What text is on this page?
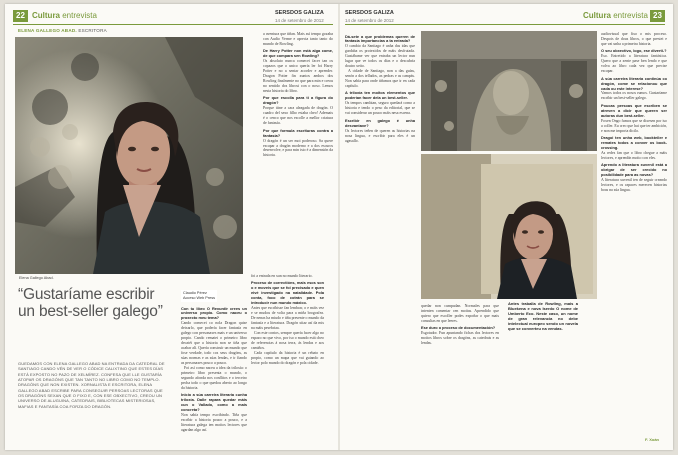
22 Cultura entrevista	SERSDOS GALIZA
14 de setembro de 2012
SERSDOS GALIZA
14 de setembro de 2012
Cultura entrevista 23
ELENA GALLEGO ABAD. ESCRITORA
Elena Gallego Abad.
Claudio Pérez
Acceso Web Press
“Gustaríame escribir un best-seller galego”
GUEDAMOS CON ELENA GALLEGO ABAD NA ENTRADA DA CATEDRAL DE SANTIAGO CANDO VÉN DE VER O CÓDICE CALIXTINO QUE ESTES DÍAS ESTÁ EXPOSTO NO PAZO DE XELMÍREZ. CONFESA QUE LLE GUSTARÍA ATOPAR OS DRAGÓNS QUE TAN TANTO NO LIBRO COMO NO TEMPLO. DRAGÓNS QUE NON EXISTEN. XORNALISTA E ESCRITORA, ELENA GALLEGO ABAD ESCRIBE PARA CONSEGUIR PERSOAS LECTORAS QUE OS DRAGÓNS SEXAN QUE O FIXO E, CON ESE OBXECTIVO, CREOU UN UNIVERSO DE ALUGUINA, CATEDRAIS, BIBLIOTECAS MISTERIOSAS, MAFIAS E FANTASÍA COA FORZA DO DRAGÓN.
Con tu libro O Rexurdir crees un universo propio. Como naceu o proxecto meu tema?
Cando comecei co nola Dragon quise deixarlo, que podería facer fantasía en galego con personaxes mais e un universo propio. Cando rematei o primeiro libro decatéi que a historia non se tiña que acabar alí. Quería construír un mundo que fose verdade, todo cos seus dragóns, as súas normas e as súas lendas, e ir fiando as personaxes pouco a pouco.
Foi así como naceu a idea da triloxía: o primeiro libro presenta o mundo, o segundo afonda nos conflitos e o terceiro pecha todo o que quedou aberto ao longo da historia.
Inicio a súa carreira literaria cunha triloxía. Dalle rapara quedar máis cun o Vallado, como a mais concreta?
Non sabía tempo escribindo. Tiña que escribir a historia pouco a pouco, e a literatura galega ten moitos lectores que agardan algo así.
foi a entrada en xan no mundo literario.
Proceso de correctións, mais esos son o e moveis que se foi precisado e quen eivé investigado na natalidade. Pola conta, foco de cotrán para se introducir nun mundo máxico.
Antes que escribisse fan lembrar, o e máis vez e se mudou de volta para a miña brogosfea. De nenas ha miudo e tiña presente o mundo da fantasía e a literatura. Dragón xiiaz así da mis na máis pesebriaa.
Con este contos, sempre quería facer algo no espazo no que vivo, por iso o mundo está cheo de referencias á nosa terra, ás lendas e aos camiños.
Cada capítulo da historia é un rebato en propio, como un mapa que vai guiando ao lector polo mundo do dragón e pola cidade.
a aventura que tiñan. Mais así tempo gozaba con Audio Verme e aprecia tanto tanto do mundo de Rowling.
De Harry Potter non está alga come, de que compara sen Rowling?
Os absoluto nunca comecei facer tan os copazos que o unico quería ler foi Harry Potter e no a sentar acorder e aprender. Dragon Potter fin xuntos ambos dos Rowling finalmente no que para min e creou no sentido dos librosi con o noso. Lemos nesta historia do libro.
Por que escolla para ti a figura do dragón?
Porque titne a cara aleagada de dragón. O cuadro del sexo filho estaba cheo! Ademais é o cenco que nos escolle a mellor criatura de fantasía.
Por que formula escrituras contra a fantasía?
O dragón é un ser moi poderoso. Sa quere escapar a dragón moderno e a dos escuros desenvolve, e para min isto é a dimensión da historia.
Dá-sete a que problemas queren de fantasía importancias a ta entrada?
O cambio da Santiago é unha das idas que gardaba os protexidos de máis desfrutada. Gustábame ver que entraba un lector nun lugar que ve todos os días e o descubría doutro xeito.
A cidade de Santiago, non a das guías, senón a dos tellados, as pedras e as campás. Non sabía para onde tiñamos que ir en cada capítulo.
A triloxía ten moitos elementos que poderían facer dela un best-seller.
Os tempos cambian, seguro quedará como a historia e tendo o peso da editorial, que se vai considerar un pouco máis nesa escena.
Escribir en galego é unha desvantaxe?
Os lectores teñen de queren as historias na nosa lingua, e escribir para eles é un agasallo.
Antes traballa de Rowling, mais a Bluekena e nova Iserdo O nome de Umberto Eco. Neste caso, un nome de gran relevancia no debe intelectual europeo sendo un novela que se converteu na vendas.
quedar non cumpadan. Normales para que intenten comentar cen moitas. Aprendido que quiero que escoller podes expoñar o que mais consultas en que leeres.
Ese duro o proceso de documentación?
Esgotador. Fun apuntando fichas dos lectores en moitos libros sobre os dragóns, as catedrais e as lendas.
audiovisual que fixo o mis proceso. Despois de dous libros, o que prestei e que vai unha a primeira historia.
O seu obxectivo, logo, ese diverti-?
Eso. Entretido a literatura fantástica. Quero que a xente pase ben lendo e que volva ao libro cada vez que precise escapar.
A súa carreira literaria continúa co dragón, come se relacionou que cada ou este interese?
Vamos todos os nosos rumos. Gustaríame escribir un best-seller galego.
Poucas persoas que escriben se atreven a dicir que queren ser autoras dun best-seller.
Foxen Ongo fumos que se dixesen por iso a coller. Eu creo que hai que ter ambición, e non me importa dicilo.
Dragoi ten unha web, bookteiler e remates todos a conxer os book-crossing.
As redes fan que o libro chegue a máis lectores, e aprendín moito con eles.
Aprendo a literatura xuvenil está a obrigar de ser crecido no posibilidade para as novas?
A literatura xuvenil ten de seguir creando lectores, e os rapaces merecen historias boas na súa lingua.
F. Xoán
